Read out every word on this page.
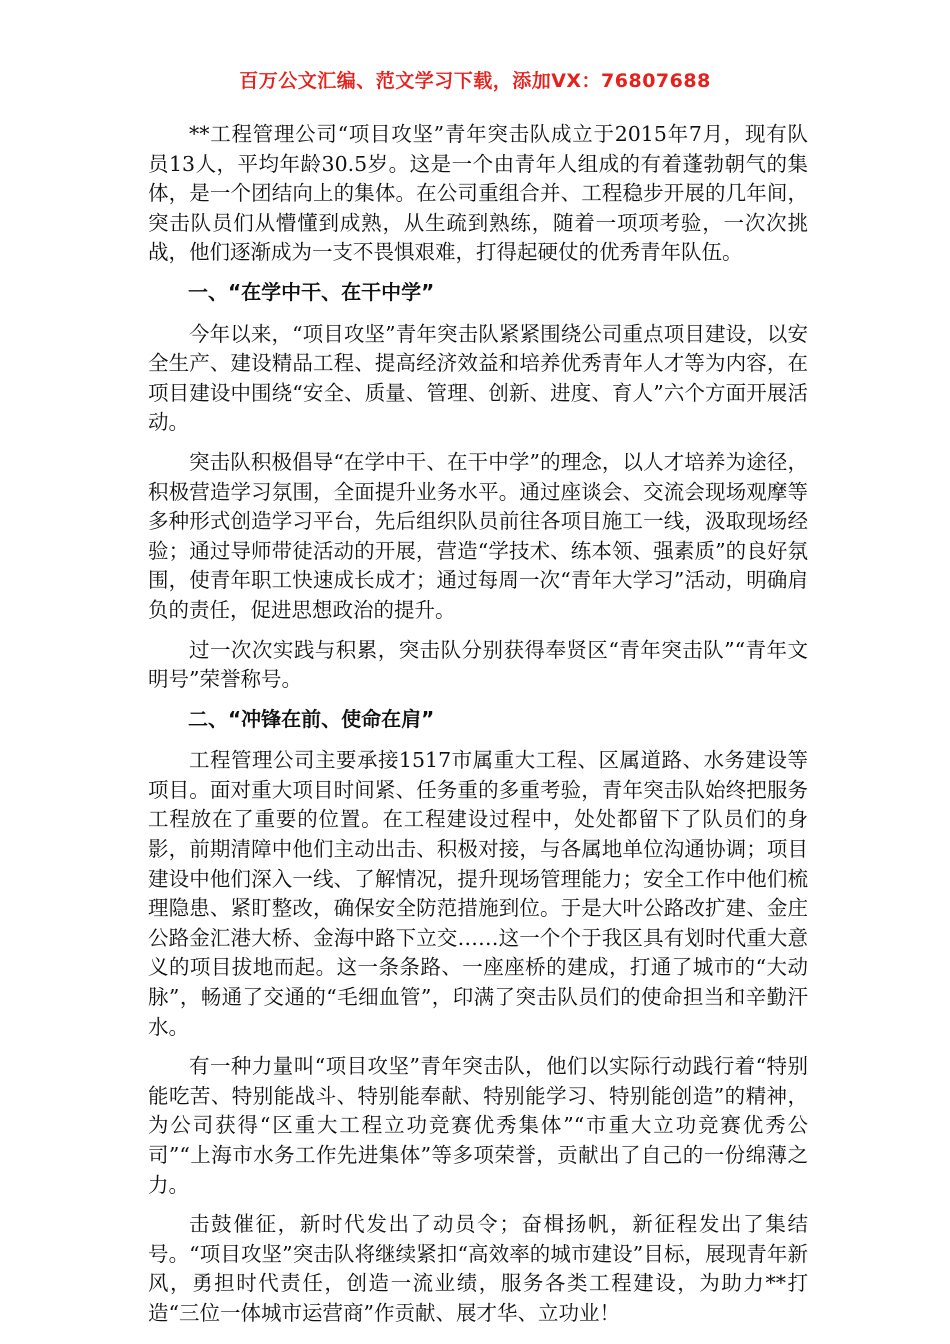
百万公文汇编、范文学习下载，添加VX：76807688

**工程管理公司“项目攻坚”青年突击队成立于2015年7月，现有队员13人，平均年龄30.5岁。这是一个由青年人组成的有着蓬勃朝气的集体，是一个团结向上的集体。在公司重组合并、工程稳步开展的几年间，突击队员们从懵懂到成熟，从生疏到熟练，随着一项项考验，一次次挑战，他们逐渐成为一支不畏惧艰难，打得起硬仗的优秀青年队伍。

一、“在学中干、在干中学”

今年以来，“项目攻坚”青年突击队紧紧围绕公司重点项目建设，以安全生产、建设精品工程、提高经济效益和培养优秀青年人才等为内容，在项目建设中围绕“安全、质量、管理、创新、进度、育人”六个方面开展活动。

突击队积极倡导“在学中干、在干中学”的理念，以人才培养为途径，积极营造学习氛围，全面提升业务水平。通过座谈会、交流会现场观摩等多种形式创造学习平台，先后组织队员前往各项目施工一线，汲取现场经验；通过导师带徒活动的开展，营造“学技术、练本领、强素质”的良好氛围，使青年职工快速成长成才；通过每周一次“青年大学习”活动，明确肩负的责任，促进思想政治的提升。

过一次次实践与积累，突击队分别获得奉贤区“青年突击队”“青年文明号”荣誉称号。

二、“冲锋在前、使命在肩”

工程管理公司主要承接1517市属重大工程、区属道路、水务建设等项目。面对重大项目时间紧、任务重的多重考验，青年突击队始终把服务工程放在了重要的位置。在工程建设过程中，处处都留下了队员们的身影，前期清障中他们主动出击、积极对接，与各属地单位沟通协调；项目建设中他们深入一线、了解情况，提升现场管理能力；安全工作中他们梳理隐患、紧盯整改，确保安全防范措施到位。于是大叶公路改扩建、金庄公路金汇港大桥、金海中路下立交……这一个个于我区具有划时代重大意义的项目拔地而起。这一条条路、一座座桥的建成，打通了城市的“大动脉”，畅通了交通的“毛细血管”，印满了突击队员们的使命担当和辛勤汗水。

有一种力量叫“项目攻坚”青年突击队，他们以实际行动践行着“特别能吃苦、特别能战斗、特别能奉献、特别能学习、特别能创造”的精神，为公司获得“区重大工程立功竞赛优秀集体”“市重大立功竞赛优秀公司”“上海市水务工作先进集体”等多项荣誉，贡献出了自己的一份绵薄之力。

击鼓催征，新时代发出了动员令；奋楫扬帆，新征程发出了集结号。“项目攻坚”突击队将继续紧扣“高效率的城市建设”目标，展现青年新风，勇担时代责任，创造一流业绩，服务各类工程建设，为助力**打造“三位一体城市运营商”作贡献、展才华、立功业！
